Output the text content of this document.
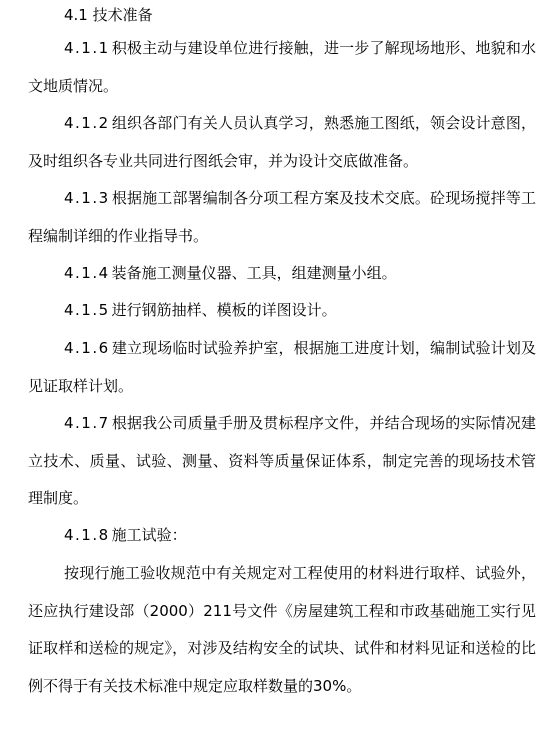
4.1 技术准备

4.1.1 积极主动与建设单位进行接触，进一步了解现场地形、地貌和水文地质情况。

4.1.2 组织各部门有关人员认真学习，熟悉施工图纸，领会设计意图，及时组织各专业共同进行图纸会审，并为设计交底做准备。

4.1.3 根据施工部署编制各分项工程方案及技术交底。砼现场搅拌等工程编制详细的作业指导书。

4.1.4 装备施工测量仪器、工具，组建测量小组。

4.1.5 进行钢筋抽样、模板的详图设计。

4.1.6 建立现场临时试验养护室，根据施工进度计划，编制试验计划及见证取样计划。

4.1.7 根据我公司质量手册及贯标程序文件，并结合现场的实际情况建立技术、质量、试验、测量、资料等质量保证体系，制定完善的现场技术管理制度。

4.1.8 施工试验：

按现行施工验收规范中有关规定对工程使用的材料进行取样、试验外，还应执行建设部（2000）211号文件《房屋建筑工程和市政基础施工实行见证取样和送检的规定》，对涉及结构安全的试块、试件和材料见证和送检的比例不得于有关技术标准中规定应取样数量的30%。
